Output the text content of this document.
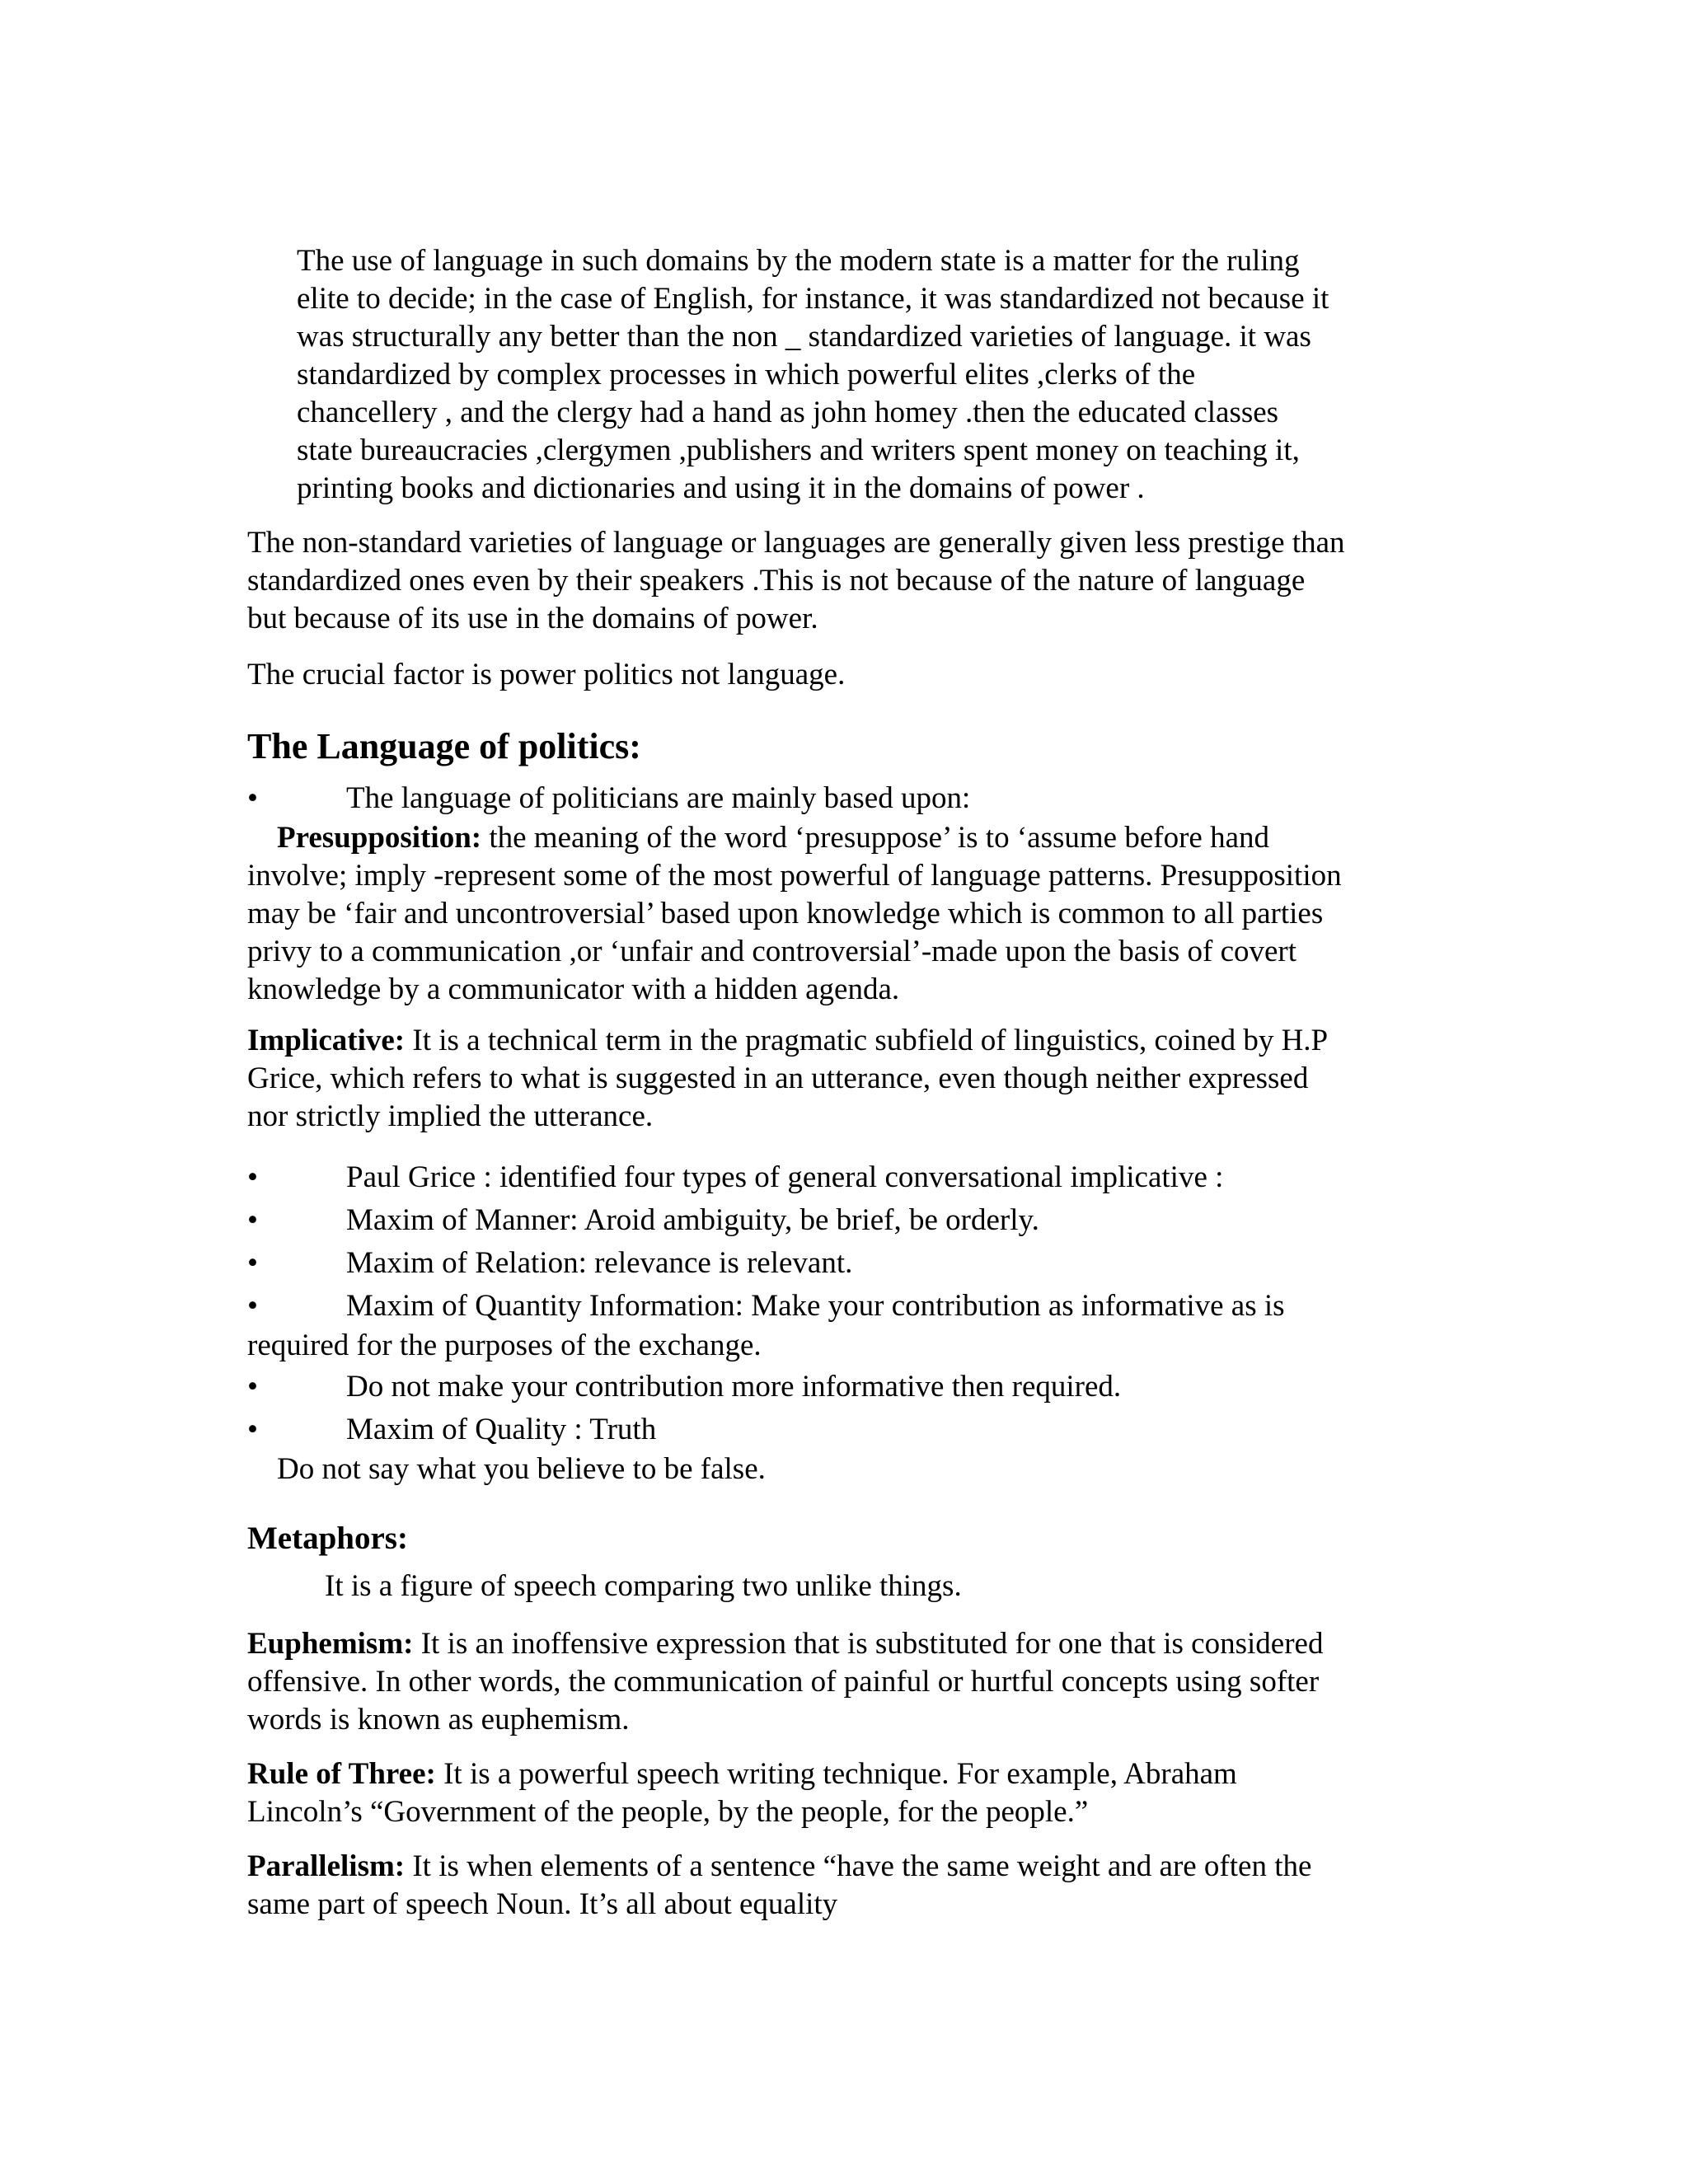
The use of language in such domains by the modern state is a matter for the ruling
elite to decide; in the case of English, for instance, it was standardized not because it
was structurally any better than the non _ standardized varieties of language. it was
standardized by complex processes in which powerful elites ,clerks of the
chancellery , and the clergy had a hand as john homey .then the educated classes
state bureaucracies ,clergymen ,publishers and writers spent money on teaching it,
printing books and dictionaries and using it in the domains of power .
The non-standard varieties of language or languages are generally given less prestige than
standardized ones even by their speakers .This is not because of the nature of language
but because of its use in the domains of power.
The crucial factor is power politics not language.
The Language of politics:
•	The language of politicians are mainly based upon:
Presupposition: the meaning of the word ‘presuppose’ is to ‘assume before hand
involve; imply -represent some of the most powerful of language patterns. Presupposition
may be ‘fair and uncontroversial’ based upon knowledge which is common to all parties
privy to a communication ,or ‘unfair and controversial’-made upon the basis of covert
knowledge by a communicator with a hidden agenda.
Implicative: It is a technical term in the pragmatic subfield of linguistics, coined by H.P
Grice, which refers to what is suggested in an utterance, even though neither expressed
nor strictly implied the utterance.
•	Paul Grice : identified four types of general conversational implicative :
•	Maxim of Manner: Aroid ambiguity, be brief, be orderly.
•	Maxim of Relation: relevance is relevant.
•	Maxim of Quantity Information: Make your contribution as informative as is
required for the purposes of the exchange.
•	Do not make your contribution more informative then required.
•	Maxim of Quality : Truth
Do not say what you believe to be false.
Metaphors:
It is a figure of speech comparing two unlike things.
Euphemism: It is an inoffensive expression that is substituted for one that is considered
offensive. In other words, the communication of painful or hurtful concepts using softer
words is known as euphemism.
Rule of Three: It is a powerful speech writing technique. For example, Abraham
Lincoln’s “Government of the people, by the people, for the people.”
Parallelism: It is when elements of a sentence “have the same weight and are often the
same part of speech Noun. It’s all about equality
